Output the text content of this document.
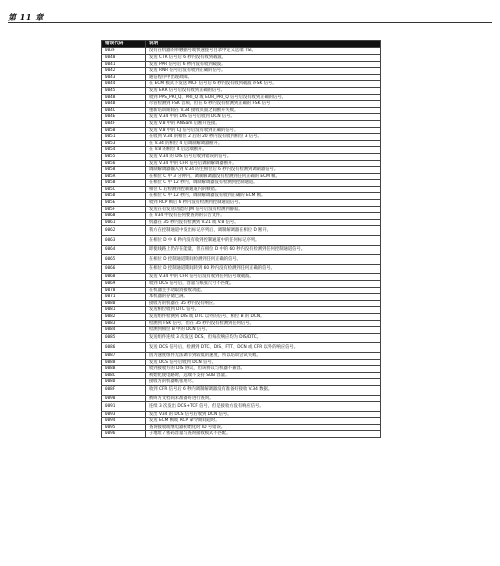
第 11 章
错误代码	说明
003F	没有在机器的举触据号或快速拨号目录中定义远端 TSI。
0040	发送 CTR 信号后 6 秒内没有收到载波。
0041	发送 PPR 信号后 6 秒内没有收到载波。
0042	发送 RNR 信号后没有收到正确的信号。
0043	通信程序中出现故障。
0044	在 ECM 模式下发送 MCF 信号后 6 秒内没有收到载波 /FSK 信号。
0045	发送 ERR 信号后没有收到正确的信号。
0048	收到 PPS_PRI_Q、PRI_Q 或 EOR_PRI_Q 信号后没有收到正确的信号。
004B	尽管检测到 FSK 音频，但在 6 秒内没有检测到正确的 FSK 信号
004C	重新培训期间在 V.34 接收页面之间断开失败。
004E	发送 V.34 中的 DIS 信号后收到 DCN 信号。
004F	发送 V.8 中的 ANSam 后断开连接。
0050	发送 V.8 中的 CJ 信号后没有收到正确的信号。
0051	在收到 V.34 的相位 2 后的 20 秒内没有收到相位 3 信号。
0053	在 V.34 的相位 4 后调制解调器断开。
0054	在 V.8 的相位 4 后远端断开。
0055	发送 V.34 的 DIS 信号后收到错误的信号。
0056	发送 V.34 中的 CFR 信号后调制解调器断开。
0058	调制解调器输入到 V.34 的主相位后 6 秒内没有检测到调制器信号。
005A	在相位 C 中 3 分钟内，调制解调器没有检测到任何正确的 ECM 帧。
005B	在相位 C 中 12 秒内，调制解调器没有检测到控制通道。
005C	相位 C 后检测到控制通道内的帧错。
005D	在相位 C 中 12 秒内，调制解调器没有收到正确的 ECM 帧。
005E	收到 RCP 帧后 6 秒内没有检测到控制通道信号。
005F	发送在有发送功能的 JM 信号后没有检测到静寂。
0060	在 V34 中没有任何要查询的公告文件。
0061	机器在 35 秒内没有检测到 V.21 或 V.8 信号。
0062	我方在控制通道中发出标记序列后，调制解调器在相位 D 断开。
0063	在相位 D 中 6 秒内没有收到控制通道中的任何标记序列。
0064	即使线路上仍存在能量，但在相位 D 中的 60 秒内没有检测到任何控制通道信号。
0065	在相位 D 控制通道期间检测到任何正确的信号。
0066	在相位 D 控制通道期间转到 60 秒内没有检测到任何正确的信号。
0068	发送 V.34 中的 CFR 信号后没有收到任何信号或载波。
0069	收到 DCS 信号后，容量与纸张尺寸不匹配。
0070	在机器主手动取消接收功能。
0071	本机器的存储已满。
0080	接收方的机器在 35 秒内没有响应。
0081	发送相位收到 DTC 信号。
0082	发送组件检测到 DIS 或 DTC 以外的信号，相位 B 的 DCN。
0083	检测到 FSK 信号，但在 35 秒内没有检测到任何信号。
0084	检测到相位 B 中的 DCN 信号。
0085	发送组件连续 3 次发送 DCS，但每次响应均为 DIS/DTC。
0086	发送 DCS 信号后，检测到 DTC、DIS、FTT、DCN 或 CFR 以外的响应信号。
0087	因为速度组件无法调节到较低的速度，所以培训尝试失败。
0088	发送 DCS 信号后收到 DCN 信号。
008B	收到接收方的 DIS 协议，但该协议与机器不兼容。
008C	初始化使电路时，远端不支持 SUB 容量。
008D	接收方的机器纸张用尽。
008F	收到 CFR 信号后 6 秒内调制解调器没有准备好接收 V.34 数据。
0090	被叫方文档尚未准备好进行查询。
0091	连续 3 次发出 DCS+TCF 信号，但是接收方没有响应信号。
0093	发出 V34 的 DCS 信号后收到 DCN 信号。
0094	发送 ECM 帧或 RCP 命令期间超时。
0095	查询接收或继电器初始化时 ID 号错误。
0096	子地址 / 密码容量与查询接收模式不匹配。
